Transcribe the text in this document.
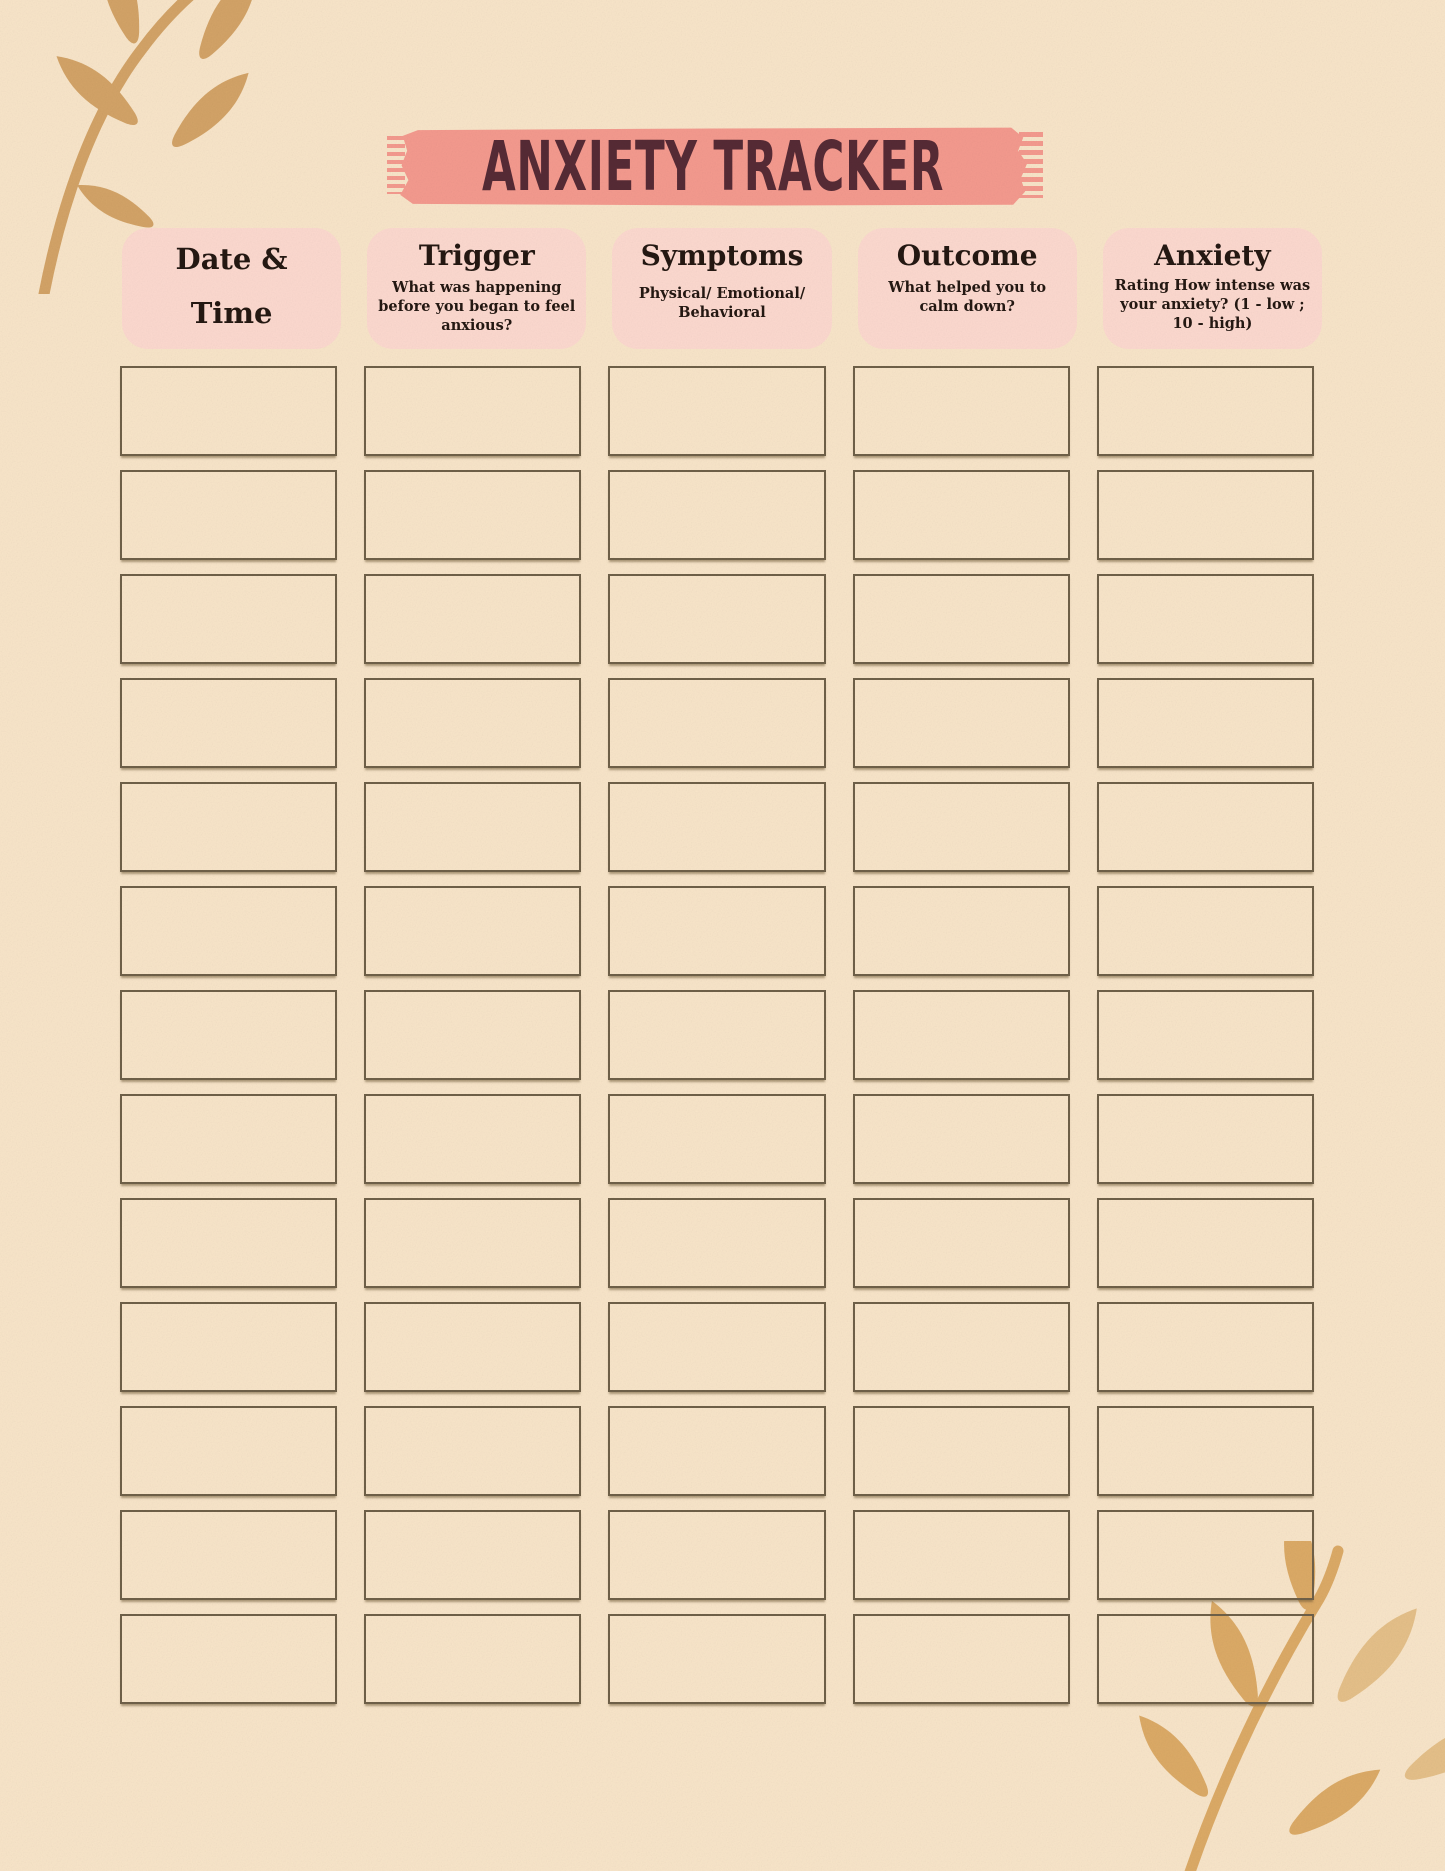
ANXIETY TRACKER
Date & Time
Trigger

What was happening before you began to feel anxious?

Symptoms

Physical/ Emotional/ Behavioral

Outcome

What helped you to calm down?

Anxiety

Rating How intense was your anxiety? (1 - low ; 10 - high)
